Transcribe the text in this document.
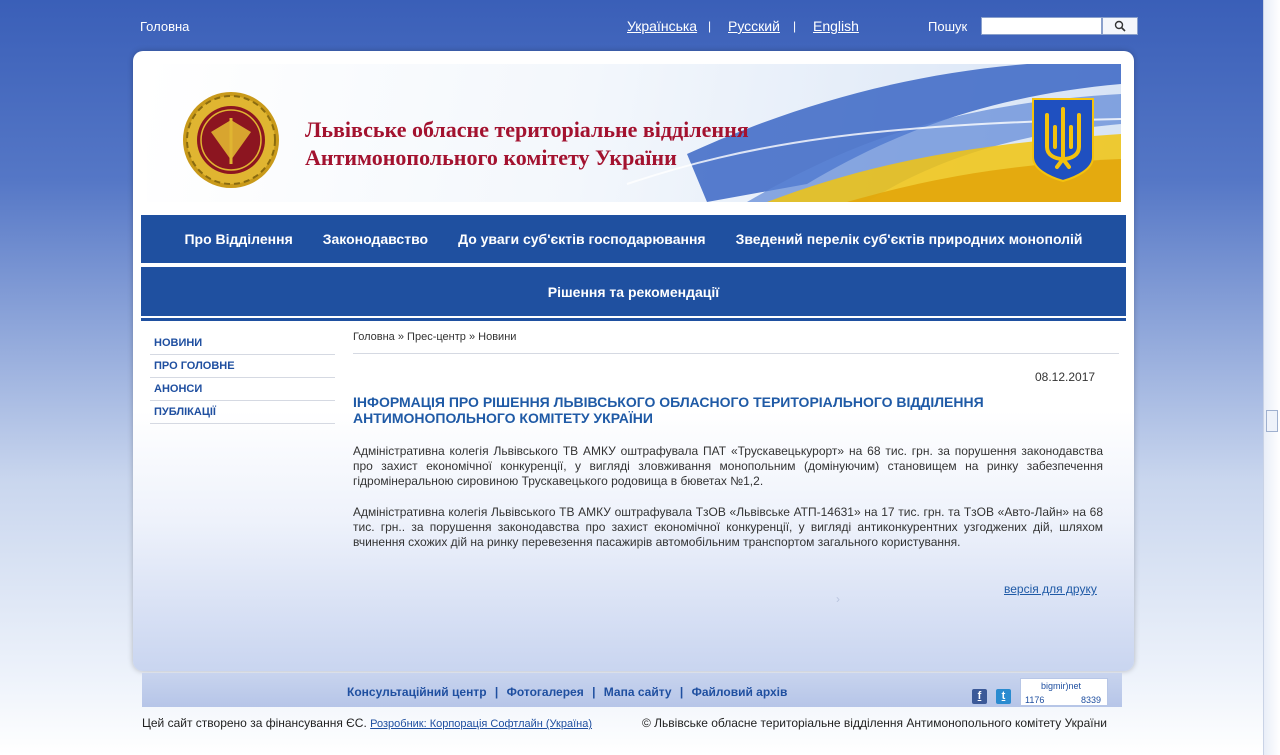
Головна	Українська | Русский | English	Пошук
Львівське обласне територіальне відділення
Антимонопольного комітету України
Про Відділення Законодавство До уваги суб'єктів господарювання Зведений перелік суб'єктів природних монополій
Рішення та рекомендації
НОВИНИ
ПРО ГОЛОВНЕ
АНОНСИ
ПУБЛІКАЦІЇ
Головна » Прес-центр » Новини
08.12.2017
ІНФОРМАЦІЯ ПРО РІШЕННЯ ЛЬВІВСЬКОГО ОБЛАСНОГО ТЕРИТОРІАЛЬНОГО ВІДДІЛЕННЯ АНТИМОНОПОЛЬНОГО КОМІТЕТУ УКРАЇНИ

Адміністративна колегія Львівського ТВ АМКУ оштрафувала ПАТ «Трускавецькурорт» на 68 тис. грн. за порушення законодавства про захист економічної конкуренції, у вигляді зловживання монопольним (домінуючим) становищем на ринку забезпечення гідромінеральною сировиною Трускавецького родовища в бюветах №1,2.

Адміністративна колегія Львівського ТВ АМКУ оштрафувала ТзОВ «Львівське АТП-14631» на 17 тис. грн. та ТзОВ «Авто-Лайн» на 68 тис. грн.. за порушення законодавства про захист економічної конкуренції, у вигляді антиконкурентних узгоджених дій, шляхом вчинення схожих дій на ринку перевезення пасажирів автомобільним транспортом загального користування.

›
версія для друку
Консультаційний центр | Фотогалерея | Мапа сайту | Файловий архів	f	t
bigmir)net
1176	8339
Цей сайт створено за фінансування ЄС. Розробник: Корпорація Софтлайн (Україна)	© Львівське обласне територіальне відділення Антимонопольного комітету України
